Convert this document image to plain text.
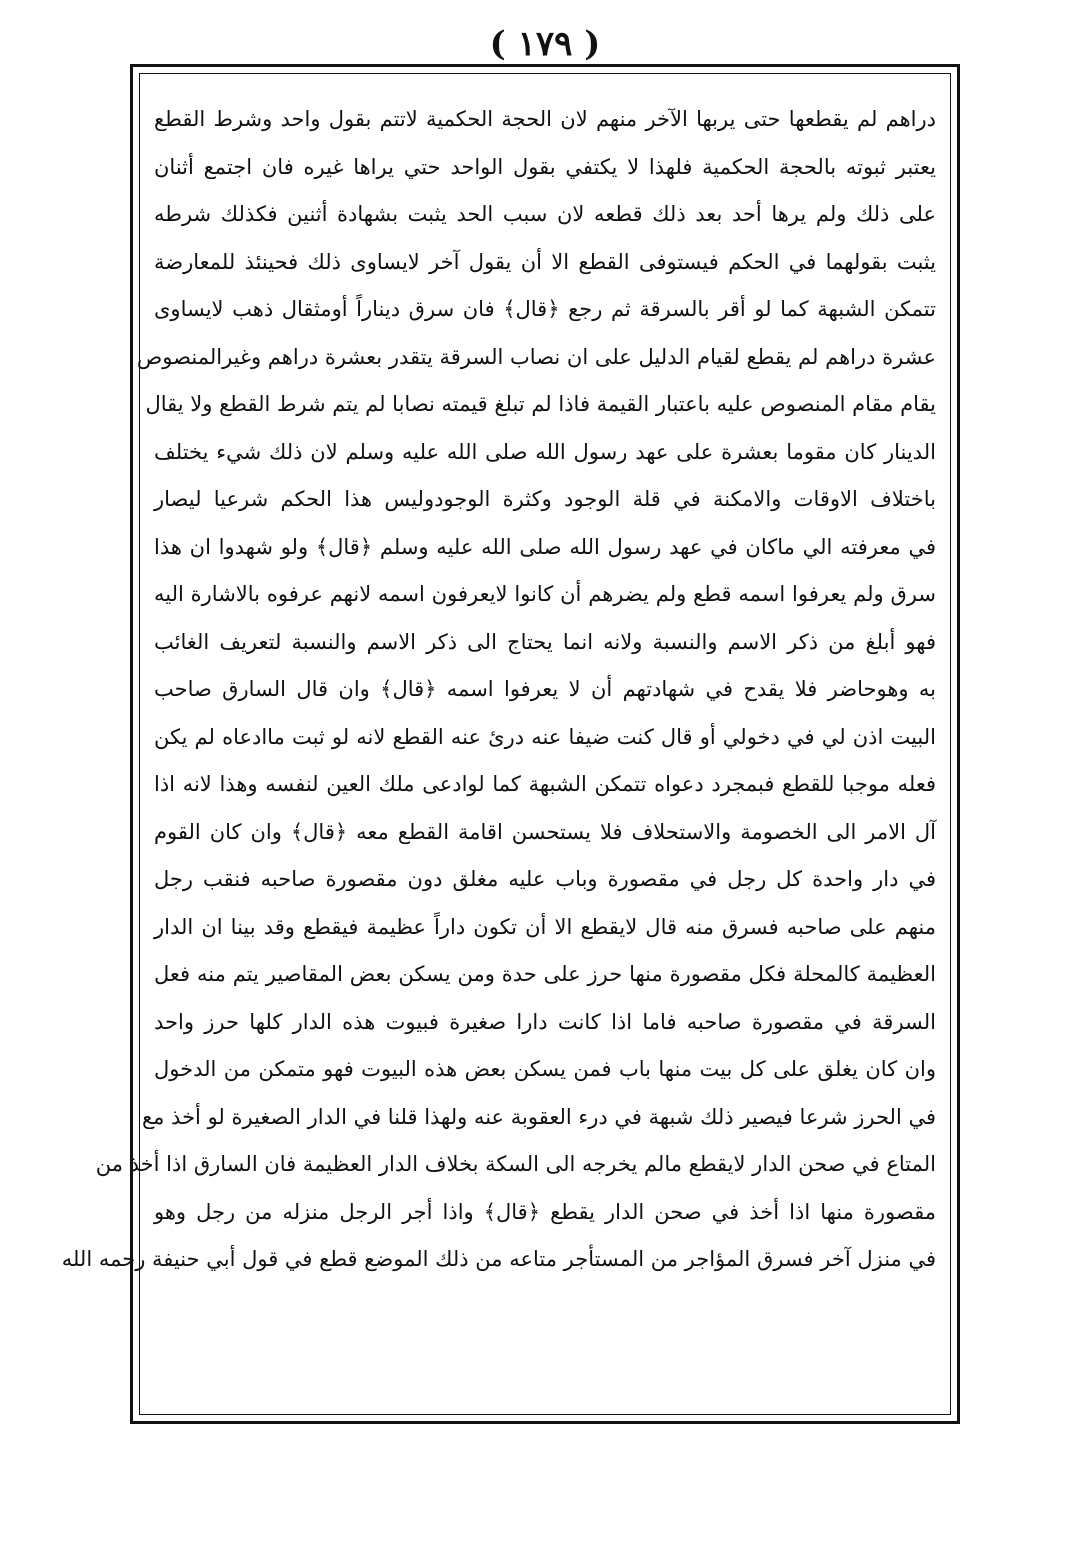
( ١٧٩ )
دراهم لم يقطعها حتى يربها الآخر منهم لان الحجة الحكمية لاتتم بقول واحد وشرط القطع
يعتبر ثبوته بالحجة الحكمية فلهذا لا يكتفي بقول الواحد حتي يراها غيره فان اجتمع أثنان
على ذلك ولم يرها أحد بعد ذلك قطعه لان سبب الحد يثبت بشهادة أثنين فكذلك شرطه
يثبت بقولهما في الحكم فيستوفى القطع الا أن يقول آخر لايساوى ذلك فحينئذ للمعارضة
تتمكن الشبهة كما لو أقر بالسرقة ثم رجع ﴿قال﴾ فان سرق ديناراً أومثقال ذهب لايساوى
عشرة دراهم لم يقطع لقيام الدليل على ان نصاب السرقة يتقدر بعشرة دراهم وغيرالمنصوص
يقام مقام المنصوص عليه باعتبار القيمة فاذا لم تبلغ قيمته نصابا لم يتم شرط القطع ولا يقال
الدينار كان مقوما بعشرة على عهد رسول الله صلى الله عليه وسلم لان ذلك شيء يختلف
باختلاف الاوقات والامكنة في قلة الوجود وكثرة الوجودوليس هذا الحكم شرعيا ليصار
في معرفته الي ماكان في عهد رسول الله صلى الله عليه وسلم ﴿قال﴾ ولو شهدوا ان هذا
سرق ولم يعرفوا اسمه قطع ولم يضرهم أن كانوا لايعرفون اسمه لانهم عرفوه بالاشارة اليه
فهو أبلغ من ذكر الاسم والنسبة ولانه انما يحتاج الى ذكر الاسم والنسبة لتعريف الغائب
به وهوحاضر فلا يقدح في شهادتهم أن لا يعرفوا اسمه ﴿قال﴾ وان قال السارق صاحب
البيت اذن لي في دخولي أو قال كنت ضيفا عنه درئ عنه القطع لانه لو ثبت ماادعاه لم يكن
فعله موجبا للقطع فبمجرد دعواه تتمكن الشبهة كما لوادعى ملك العين لنفسه وهذا لانه اذا
آل الامر الى الخصومة والاستحلاف فلا يستحسن اقامة القطع معه ﴿قال﴾ وان كان القوم
في دار واحدة كل رجل في مقصورة وباب عليه مغلق دون مقصورة صاحبه فنقب رجل
منهم على صاحبه فسرق منه قال لايقطع الا أن تكون داراً عظيمة فيقطع وقد بينا ان الدار
العظيمة كالمحلة فكل مقصورة منها حرز على حدة ومن يسكن بعض المقاصير يتم منه فعل
السرقة في مقصورة صاحبه فاما اذا كانت دارا صغيرة فبيوت هذه الدار كلها حرز واحد
وان كان يغلق على كل بيت منها باب فمن يسكن بعض هذه البيوت فهو متمكن من الدخول
في الحرز شرعا فيصير ذلك شبهة في درء العقوبة عنه ولهذا قلنا في الدار الصغيرة لو أخذ مع
المتاع في صحن الدار لايقطع مالم يخرجه الى السكة بخلاف الدار العظيمة فان السارق اذا أخذ من
مقصورة منها اذا أخذ في صحن الدار يقطع ﴿قال﴾ واذا أجر الرجل منزله من رجل وهو
في منزل آخر فسرق المؤاجر من المستأجر متاعه من ذلك الموضع قطع في قول أبي حنيفة رحمه الله
